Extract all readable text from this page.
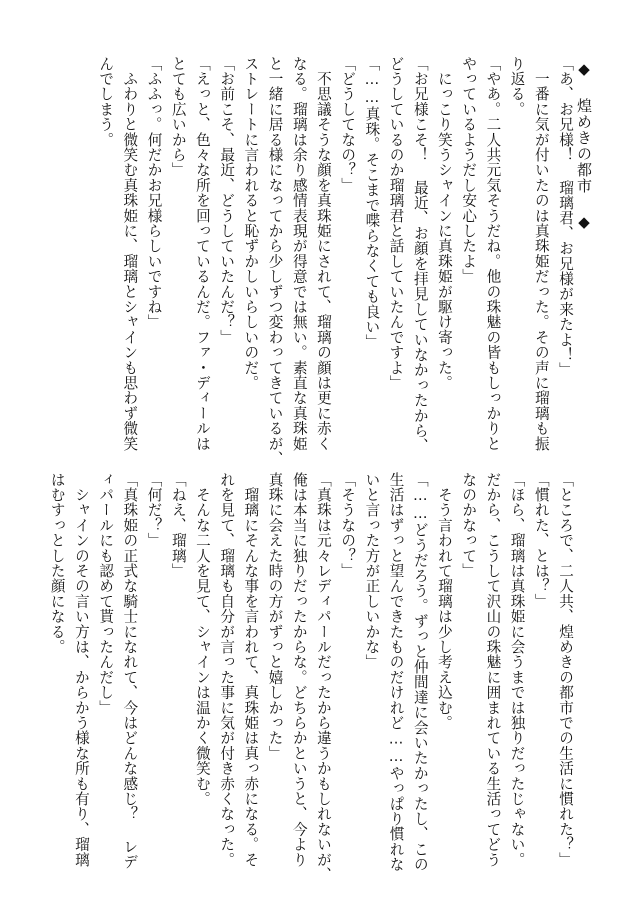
◆ 煌めきの都市 ◆
「あ、お兄様！ 瑠璃君、お兄様が来たよ！」
　一番に気が付いたのは真珠姫だった。その声に瑠璃も振
り返る。
「やあ。二人共元気そうだね。他の珠魅の皆もしっかりと
やっているようだし安心したよ」
　にっこり笑うシャインに真珠姫が駆け寄った。
「お兄様こそ！ 最近、お顔を拝見していなかったから、
どうしているのか瑠璃君と話していたんですよ」
「……真珠。そこまで喋らなくても良い」
「どうしてなの？」
　不思議そうな顔を真珠姫にされて、瑠璃の顔は更に赤く
なる。瑠璃は余り感情表現が得意では無い。素直な真珠姫
と一緒に居る様になってから少しずつ変わってきているが、
ストレートに言われると恥ずかしいらしいのだ。
「お前こそ、最近、どうしていたんだ？」
「えっと、色々な所を回っているんだ。ファ・ディールは
とても広いから」
「ふふっ。何だかお兄様らしいですね」
　ふわりと微笑む真珠姫に、瑠璃とシャインも思わず微笑
んでしまう。
「ところで、二人共、煌めきの都市での生活に慣れた？」
「慣れた、とは？」
「ほら、瑠璃は真珠姫に会うまでは独りだったじゃない。
だから、こうして沢山の珠魅に囲まれている生活ってどう
なのかなって」
　そう言われて瑠璃は少し考え込む。
「……どうだろう。ずっと仲間達に会いたかったし、この
生活はずっと望んできたものだけれど……やっぱり慣れな
いと言った方が正しいかな」
「そうなの？」
「真珠は元々レディパールだったから違うかもしれないが、
俺は本当に独りだったからな。どちらかというと、今より
真珠に会えた時の方がずっと嬉しかった」
　瑠璃にそんな事を言われて、真珠姫は真っ赤になる。そ
れを見て、瑠璃も自分が言った事に気が付き赤くなった。
　そんな二人を見て、シャインは温かく微笑む。
「ねえ、瑠璃」
「何だ？」
「真珠姫の正式な騎士になれて、今はどんな感じ？ レデ
ィパールにも認めて貰ったんだし」
　シャインのその言い方は、からかう様な所も有り、瑠璃
はむすっとした顔になる。
